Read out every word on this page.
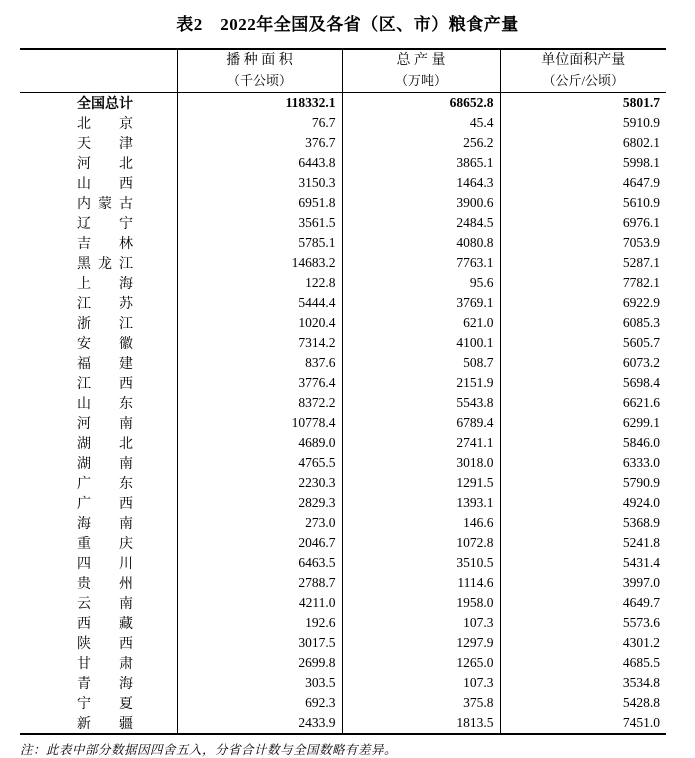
表2　2022年全国及各省（区、市）粮食产量

播 种 面 积
（千公顷）

总 产 量
（万吨）

单位面积产量
（公斤/公顷）

全国总计	118332.1	68652.8	5801.7
北京	76.7	45.4	5910.9
天津	376.7	256.2	6802.1
河北	6443.8	3865.1	5998.1
山西	3150.3	1464.3	4647.9
内蒙古	6951.8	3900.6	5610.9
辽宁	3561.5	2484.5	6976.1
吉林	5785.1	4080.8	7053.9
黑龙江	14683.2	7763.1	5287.1
上海	122.8	95.6	7782.1
江苏	5444.4	3769.1	6922.9
浙江	1020.4	621.0	6085.3
安徽	7314.2	4100.1	5605.7
福建	837.6	508.7	6073.2
江西	3776.4	2151.9	5698.4
山东	8372.2	5543.8	6621.6
河南	10778.4	6789.4	6299.1
湖北	4689.0	2741.1	5846.0
湖南	4765.5	3018.0	6333.0
广东	2230.3	1291.5	5790.9
广西	2829.3	1393.1	4924.0
海南	273.0	146.6	5368.9
重庆	2046.7	1072.8	5241.8
四川	6463.5	3510.5	5431.4
贵州	2788.7	1114.6	3997.0
云南	4211.0	1958.0	4649.7
西藏	192.6	107.3	5573.6
陕西	3017.5	1297.9	4301.2
甘肃	2699.8	1265.0	4685.5
青海	303.5	107.3	3534.8
宁夏	692.3	375.8	5428.8
新疆	2433.9	1813.5	7451.0
注：此表中部分数据因四舍五入，分省合计数与全国数略有差异。
